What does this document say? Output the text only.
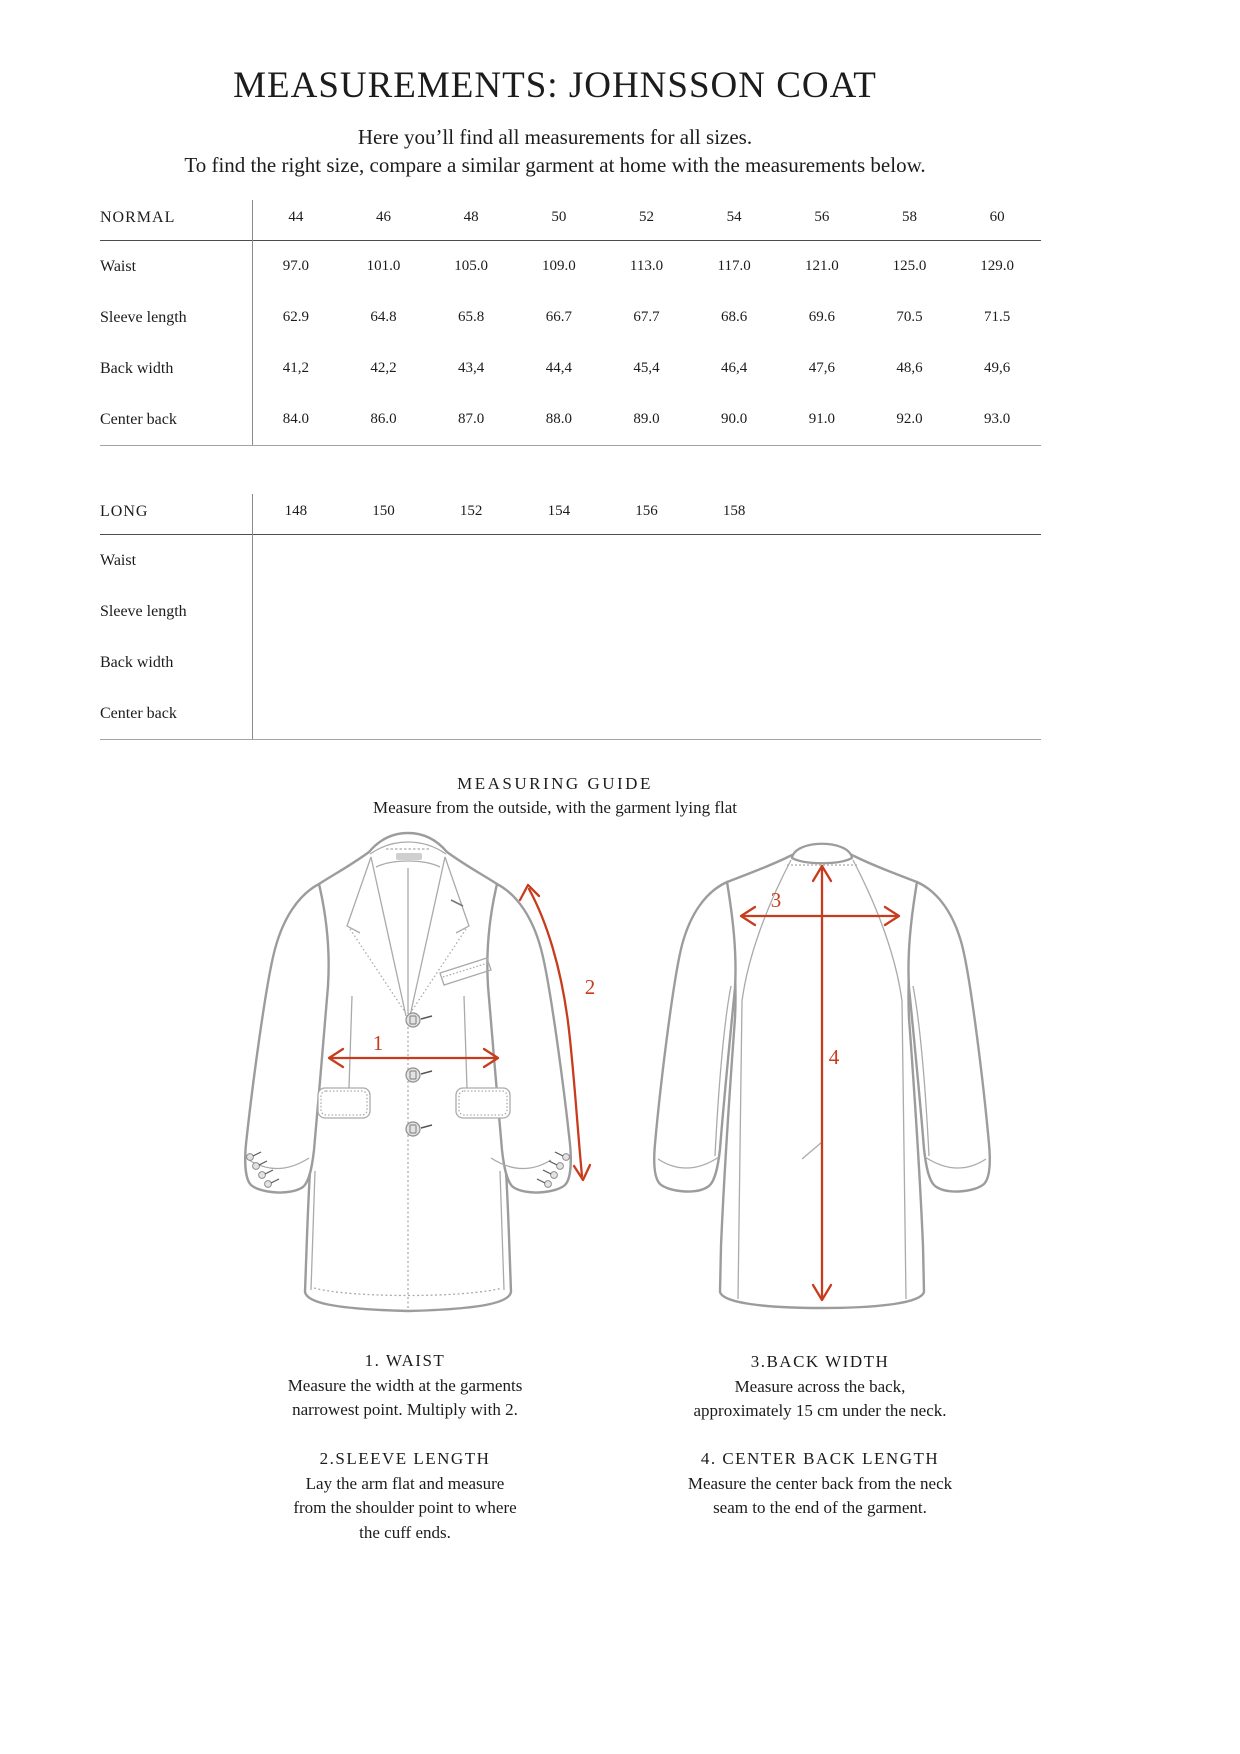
MEASUREMENTS: JOHNSSON COAT
Here you’ll find all measurements for all sizes.
To find the right size, compare a similar garment at home with the measurements below.
NORMAL	44	46	48	50	52	54	56	58	60
Waist	97.0	101.0	105.0	109.0	113.0	117.0	121.0	125.0	129.0
Sleeve length	62.9	64.8	65.8	66.7	67.7	68.6	69.6	70.5	71.5
Back width	41,2	42,2	43,4	44,4	45,4	46,4	47,6	48,6	49,6
Center back	84.0	86.0	87.0	88.0	89.0	90.0	91.0	92.0	93.0
LONG	148	150	152	154	156	158
Waist
Sleeve length
Back width
Center back
MEASURING GUIDE
Measure from the outside, with the garment lying flat
1
2
3
4
1. WAIST
Measure the width at the garments
narrowest point. Multiply with 2.
2.SLEEVE LENGTH
Lay the arm flat and measure
from the shoulder point to where
the cuff ends.
3.BACK WIDTH
Measure across the back,
approximately 15 cm under the neck.
4. CENTER BACK LENGTH
Measure the center back from the neck
seam to the end of the garment.
